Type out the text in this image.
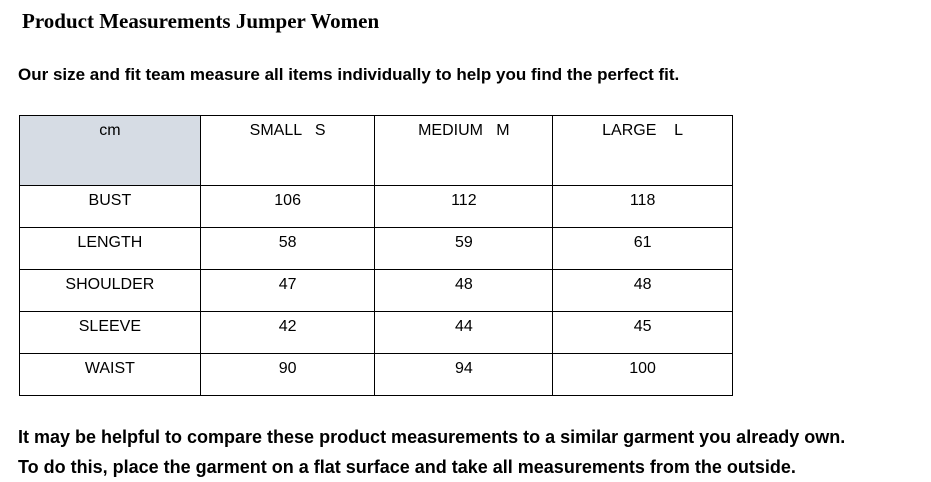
Product Measurements Jumper Women

Our size and fit team measure all items individually to help you find the perfect fit.

cm	SMALL   S	MEDIUM   M	LARGE    L
BUST	106	112	118
LENGTH	58	59	61
SHOULDER	47	48	48
SLEEVE	42	44	45
WAIST	90	94	100
It may be helpful to compare these product measurements to a similar garment you already own.
To do this, place the garment on a flat surface and take all measurements from the outside.
